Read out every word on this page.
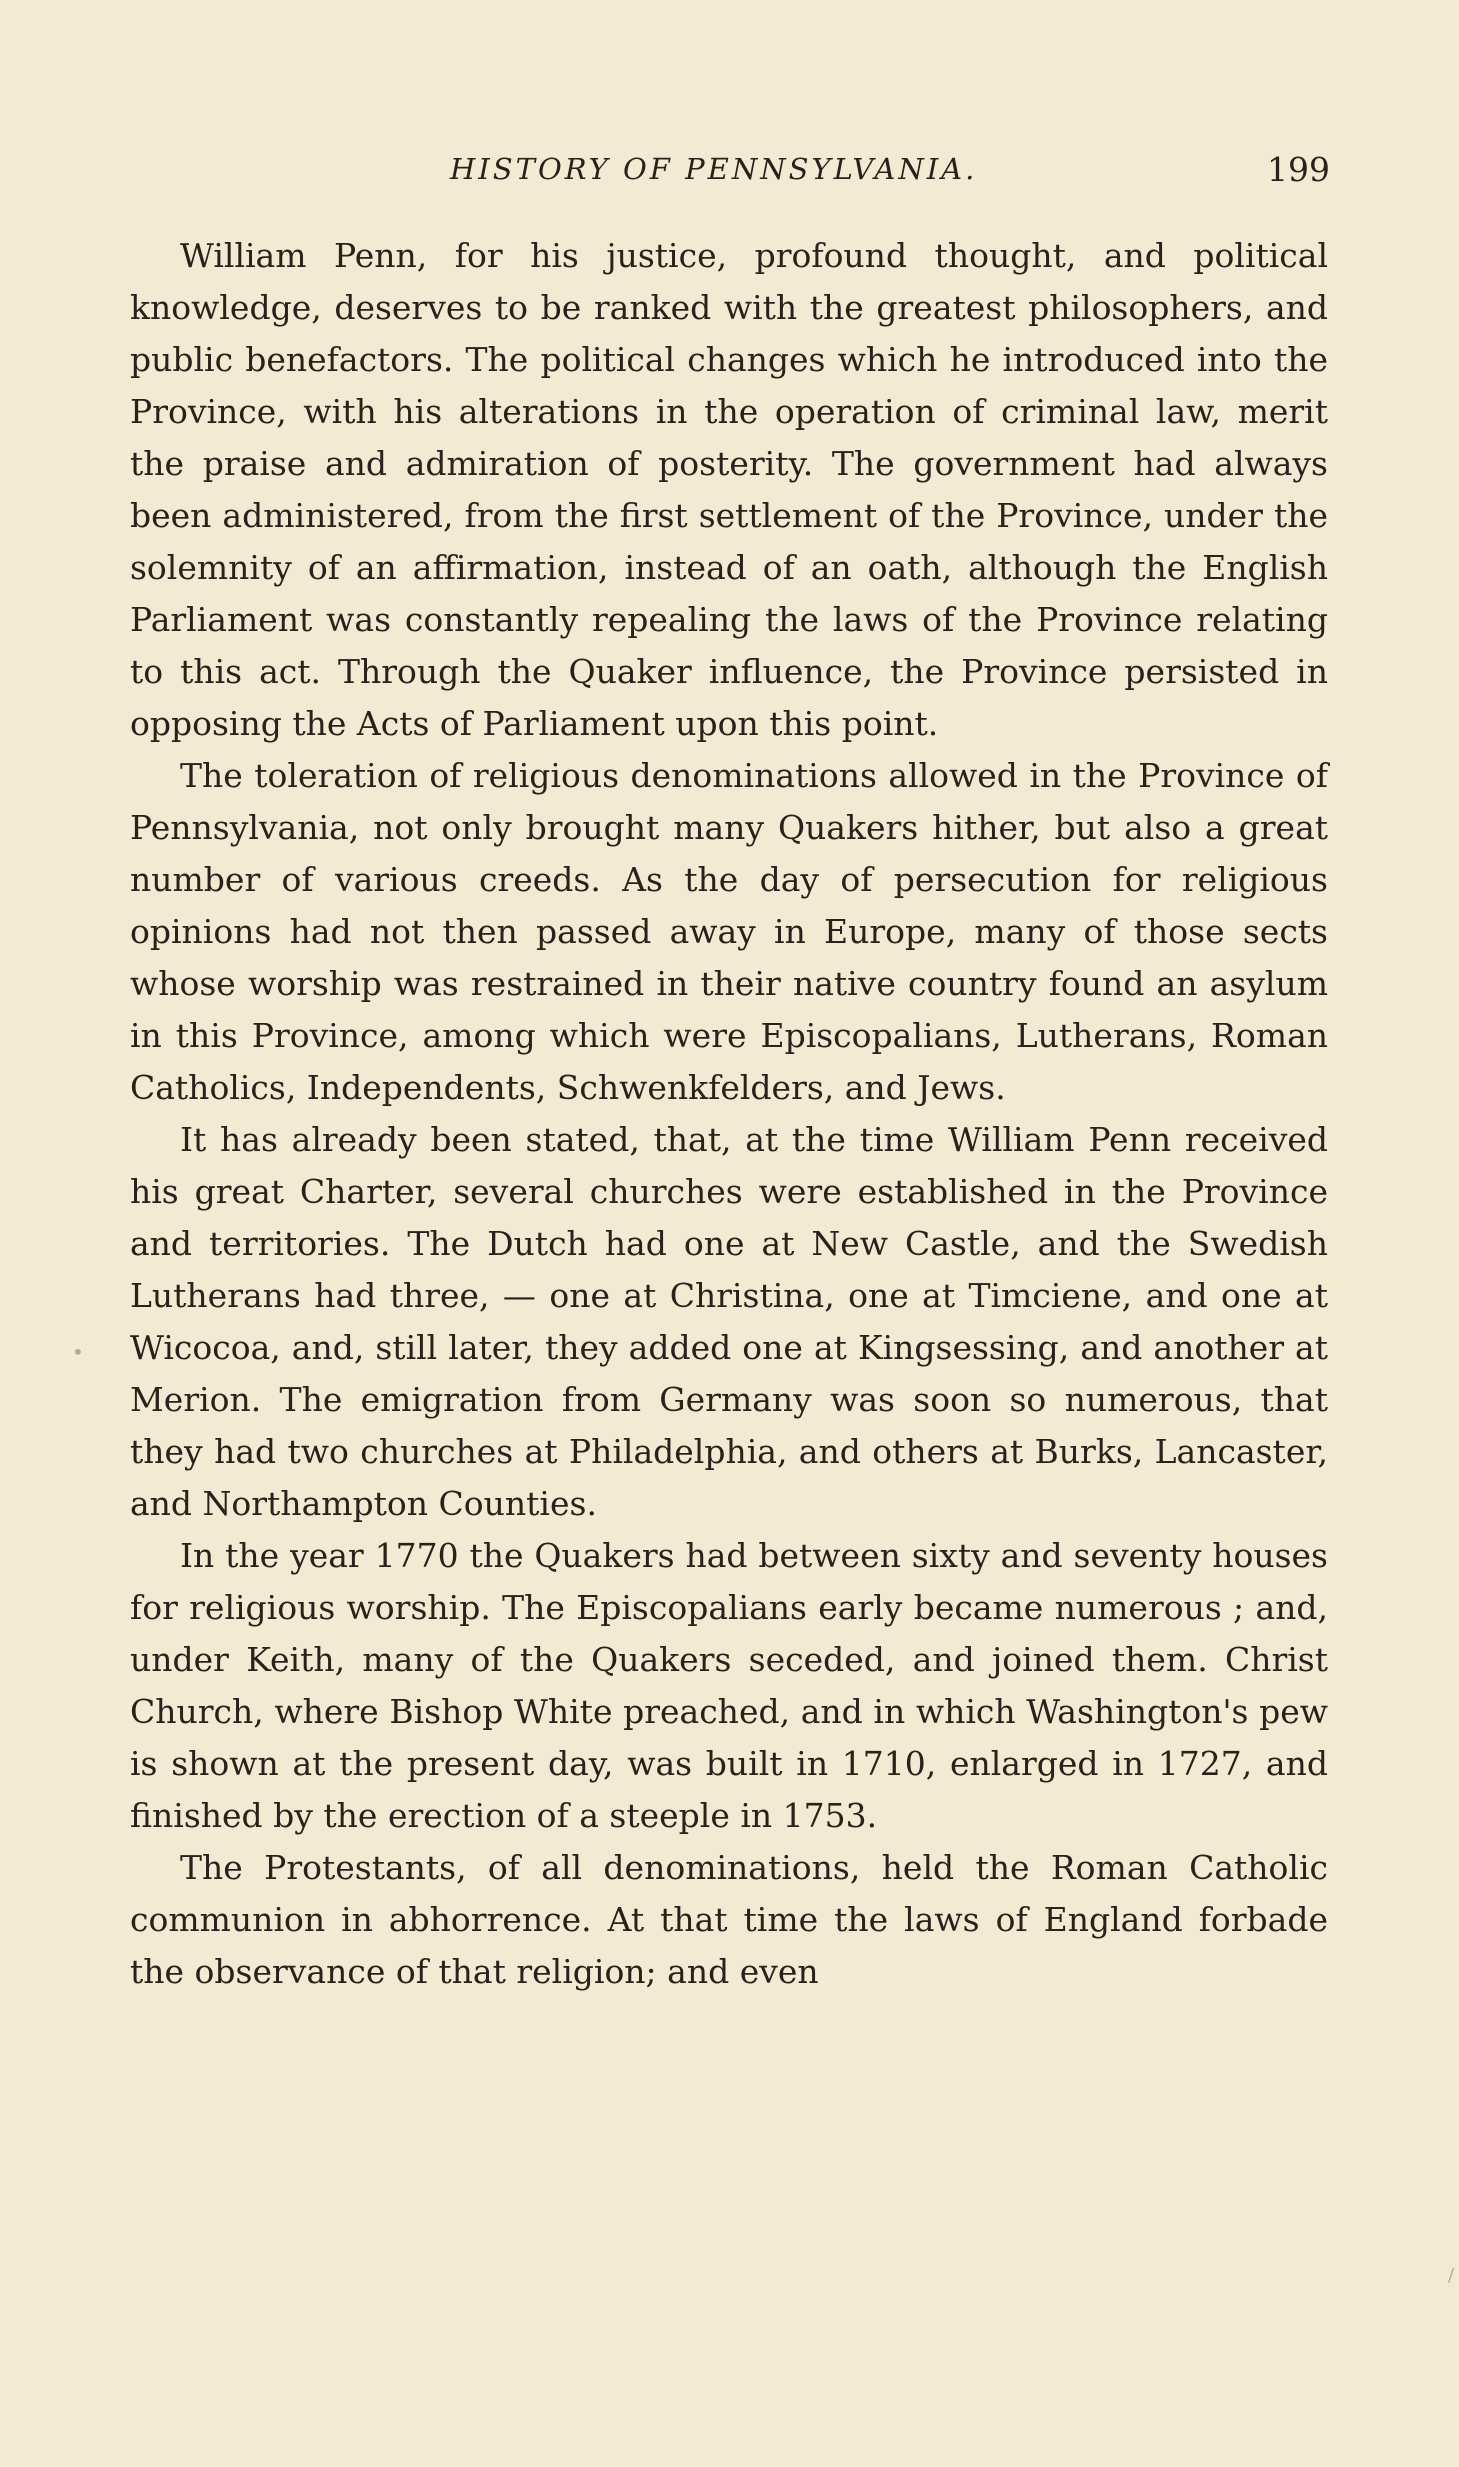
HISTORY OF PENNSYLVANIA.	199

William Penn, for his justice, profound thought, and political knowledge, deserves to be ranked with the greatest philosophers, and public benefactors. The political changes which he introduced into the Province, with his alterations in the operation of criminal law, merit the praise and admiration of posterity. The government had always been administered, from the first settlement of the Province, under the solemnity of an affirmation, instead of an oath, although the English Parliament was constantly repealing the laws of the Province relating to this act. Through the Quaker influence, the Province persisted in opposing the Acts of Parliament upon this point.

The toleration of religious denominations allowed in the Province of Pennsylvania, not only brought many Quakers hither, but also a great number of various creeds. As the day of persecution for religious opinions had not then passed away in Europe, many of those sects whose worship was restrained in their native country found an asylum in this Province, among which were Episcopalians, Lutherans, Roman Catholics, Independents, Schwenkfelders, and Jews.

It has already been stated, that, at the time William Penn received his great Charter, several churches were established in the Province and territories. The Dutch had one at New Castle, and the Swedish Lutherans had three, — one at Christina, one at Timciene, and one at Wicocoa, and, still later, they added one at Kingsessing, and another at Merion. The emigration from Germany was soon so numerous, that they had two churches at Philadelphia, and others at Burks, Lancaster, and Northampton Counties.

In the year 1770 the Quakers had between sixty and seventy houses for religious worship. The Episcopalians early became numerous ; and, under Keith, many of the Quakers seceded, and joined them. Christ Church, where Bishop White preached, and in which Washington's pew is shown at the present day, was built in 1710, enlarged in 1727, and finished by the erection of a steeple in 1753.

The Protestants, of all denominations, held the Roman Catholic communion in abhorrence. At that time the laws of England forbade the observance of that religion; and even

•
/
